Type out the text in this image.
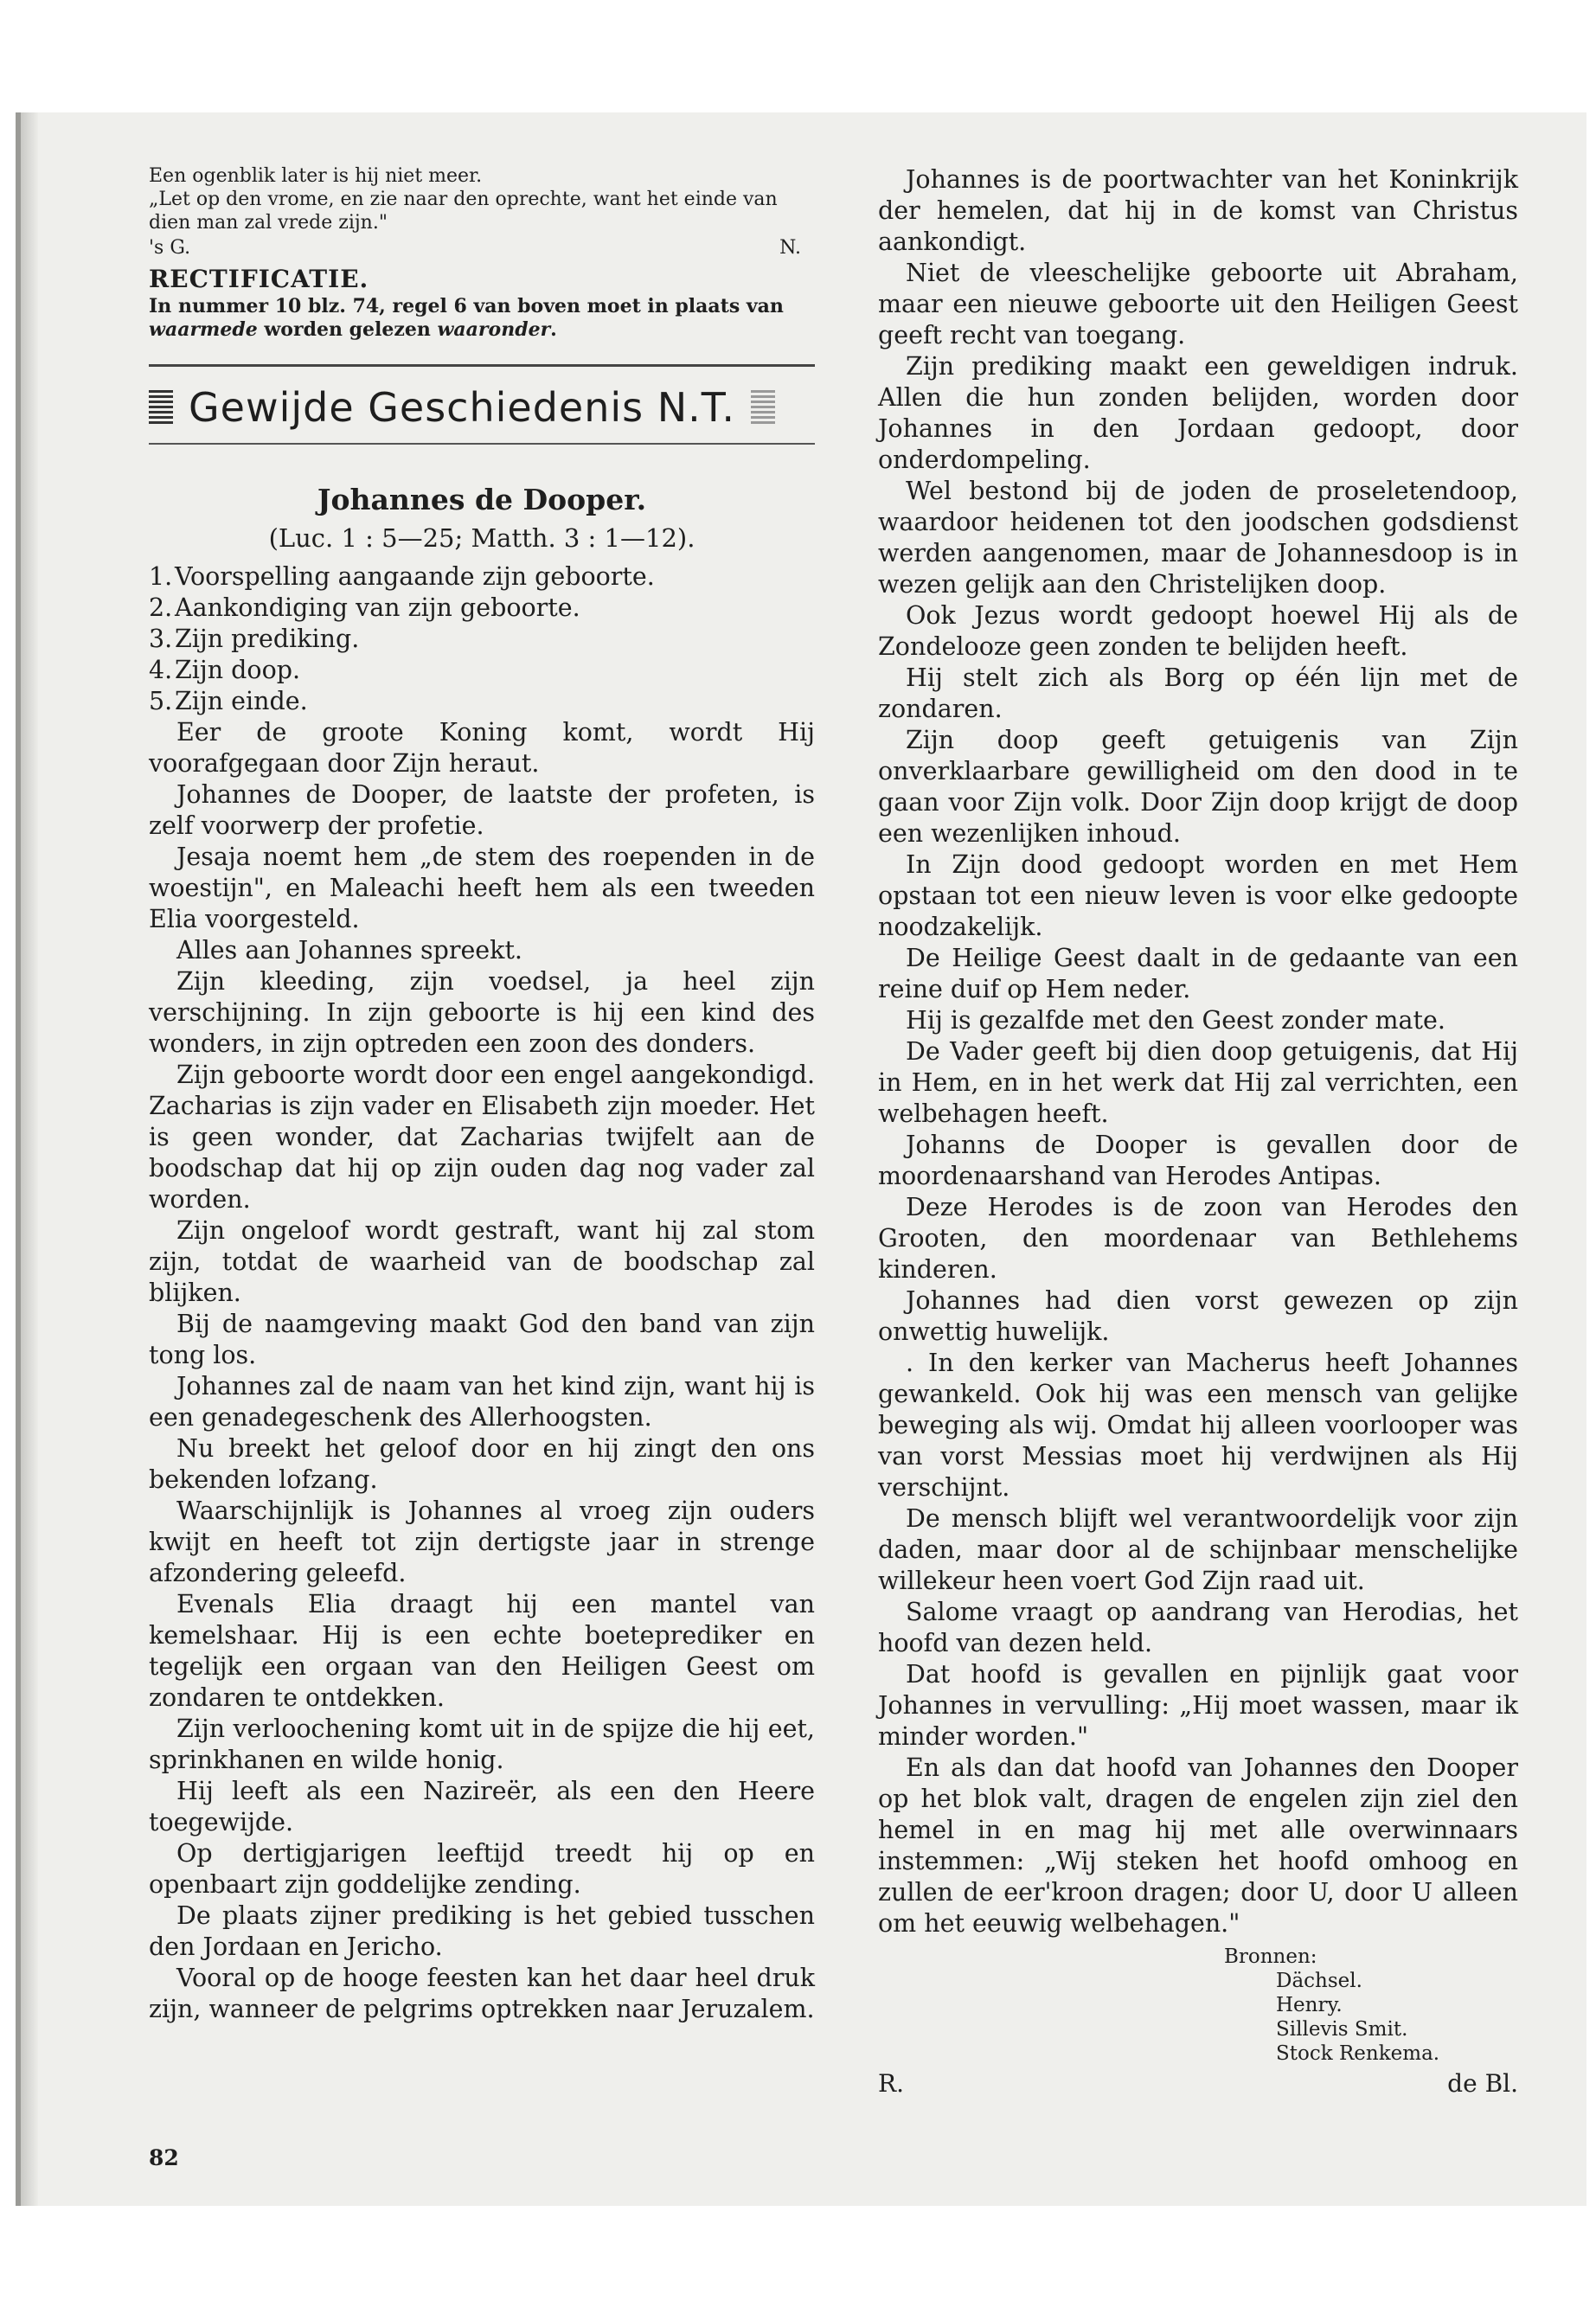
Een ogenblik later is hij niet meer.

„Let op den vrome, en zie naar den oprechte, want het einde van dien man zal vrede zijn."

's G.	N.
RECTIFICATIE.
In nummer 10 blz. 74, regel 6 van boven moet in plaats van waarmede worden gelezen waaronder.
Gewijde Geschiedenis N.T.
Johannes de Dooper.
(Luc. 1 : 5—25; Matth. 3 : 1—12).
1.Voorspelling aangaande zijn geboorte.
2.Aankondiging van zijn geboorte.
3.Zijn prediking.
4.Zijn doop.
5.Zijn einde.

Eer de groote Koning komt, wordt Hij voorafgegaan door Zijn heraut.

Johannes de Dooper, de laatste der profeten, is zelf voorwerp der profetie.

Jesaja noemt hem „de stem des roependen in de woestijn", en Maleachi heeft hem als een tweeden Elia voorgesteld.

Alles aan Johannes spreekt.

Zijn kleeding, zijn voedsel, ja heel zijn verschijning. In zijn geboorte is hij een kind des wonders, in zijn optreden een zoon des donders.

Zijn geboorte wordt door een engel aangekondigd. Zacharias is zijn vader en Elisabeth zijn moeder. Het is geen wonder, dat Zacharias twijfelt aan de boodschap dat hij op zijn ouden dag nog vader zal worden.

Zijn ongeloof wordt gestraft, want hij zal stom zijn, totdat de waarheid van de boodschap zal blijken.

Bij de naamgeving maakt God den band van zijn tong los.

Johannes zal de naam van het kind zijn, want hij is een genadegeschenk des Allerhoogsten.

Nu breekt het geloof door en hij zingt den ons bekenden lofzang.

Waarschijnlijk is Johannes al vroeg zijn ouders kwijt en heeft tot zijn dertigste jaar in strenge afzondering geleefd.

Evenals Elia draagt hij een mantel van kemelshaar. Hij is een echte boeteprediker en tegelijk een orgaan van den Heiligen Geest om zondaren te ontdekken.

Zijn verloochening komt uit in de spijze die hij eet, sprinkhanen en wilde honig.

Hij leeft als een Nazireër, als een den Heere toegewijde.

Op dertigjarigen leeftijd treedt hij op en openbaart zijn goddelijke zending.

De plaats zijner prediking is het gebied tusschen den Jordaan en Jericho.

Vooral op de hooge feesten kan het daar heel druk zijn, wanneer de pelgrims optrekken naar Jeruzalem.

Johannes is de poortwachter van het Koninkrijk der hemelen, dat hij in de komst van Christus aankondigt.

Niet de vleeschelijke geboorte uit Abraham, maar een nieuwe geboorte uit den Heiligen Geest geeft recht van toegang.

Zijn prediking maakt een geweldigen indruk. Allen die hun zonden belijden, worden door Johannes in den Jordaan gedoopt, door onderdompeling.

Wel bestond bij de joden de proseletendoop, waardoor heidenen tot den joodschen godsdienst werden aangenomen, maar de Johannesdoop is in wezen gelijk aan den Christelijken doop.

Ook Jezus wordt gedoopt hoewel Hij als de Zondelooze geen zonden te belijden heeft.

Hij stelt zich als Borg op één lijn met de zondaren.

Zijn doop geeft getuigenis van Zijn onverklaarbare gewilligheid om den dood in te gaan voor Zijn volk. Door Zijn doop krijgt de doop een wezenlijken inhoud.

In Zijn dood gedoopt worden en met Hem opstaan tot een nieuw leven is voor elke gedoopte noodzakelijk.

De Heilige Geest daalt in de gedaante van een reine duif op Hem neder.

Hij is gezalfde met den Geest zonder mate.

De Vader geeft bij dien doop getuigenis, dat Hij in Hem, en in het werk dat Hij zal verrichten, een welbehagen heeft.

Johanns de Dooper is gevallen door de moordenaarshand van Herodes Antipas.

Deze Herodes is de zoon van Herodes den Grooten, den moordenaar van Bethlehems kinderen.

Johannes had dien vorst gewezen op zijn onwettig huwelijk.

. In den kerker van Macherus heeft Johannes gewankeld. Ook hij was een mensch van gelijke beweging als wij. Omdat hij alleen voorlooper was van vorst Messias moet hij verdwijnen als Hij verschijnt.

De mensch blijft wel verantwoordelijk voor zijn daden, maar door al de schijnbaar menschelijke willekeur heen voert God Zijn raad uit.

Salome vraagt op aandrang van Herodias, het hoofd van dezen held.

Dat hoofd is gevallen en pijnlijk gaat voor Johannes in vervulling: „Hij moet wassen, maar ik minder worden."

En als dan dat hoofd van Johannes den Dooper op het blok valt, dragen de engelen zijn ziel den hemel in en mag hij met alle overwinnaars instemmen: „Wij steken het hoofd omhoog en zullen de eer'kroon dragen; door U, door U alleen om het eeuwig welbehagen."

Bronnen:
Dächsel.
Henry.
Sillevis Smit.
Stock Renkema.
R.	de Bl.
82
